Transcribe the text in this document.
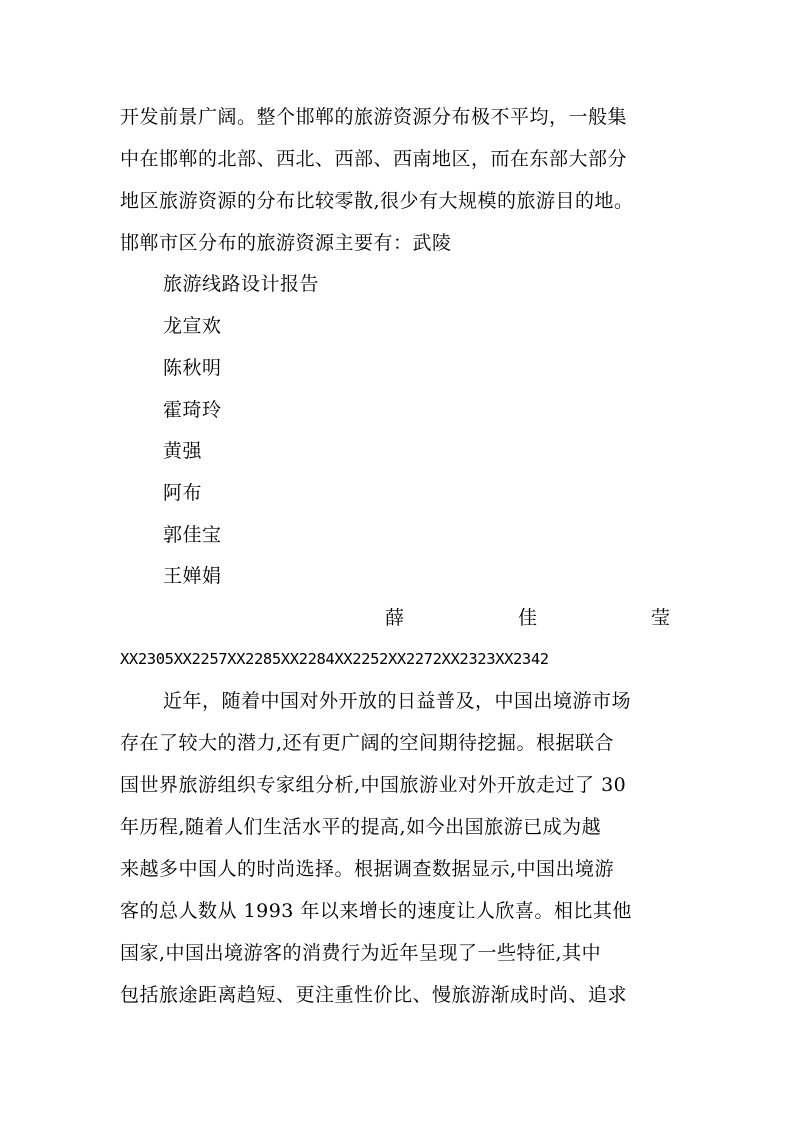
开发前景广阔。整个邯郸的旅游资源分布极不平均，一般集
中在邯郸的北部、西北、西部、西南地区，而在东部大部分
地区旅游资源的分布比较零散,很少有大规模的旅游目的地。
邯郸市区分布的旅游资源主要有：武陵
旅游线路设计报告
龙宣欢
陈秋明
霍琦玲
黄强
阿布
郭佳宝
王婵娟
薛	佳	莹
XX2305XX2257XX2285XX2284XX2252XX2272XX2323XX2342
近年，随着中国对外开放的日益普及，中国出境游市场
存在了较大的潜力,还有更广阔的空间期待挖掘。根据联合
国世界旅游组织专家组分析,中国旅游业对外开放走过了 30
年历程,随着人们生活水平的提高,如今出国旅游已成为越
来越多中国人的时尚选择。根据调查数据显示,中国出境游
客的总人数从 1993 年以来增长的速度让人欣喜。相比其他
国家,中国出境游客的消费行为近年呈现了一些特征,其中
包括旅途距离趋短、更注重性价比、慢旅游渐成时尚、追求
